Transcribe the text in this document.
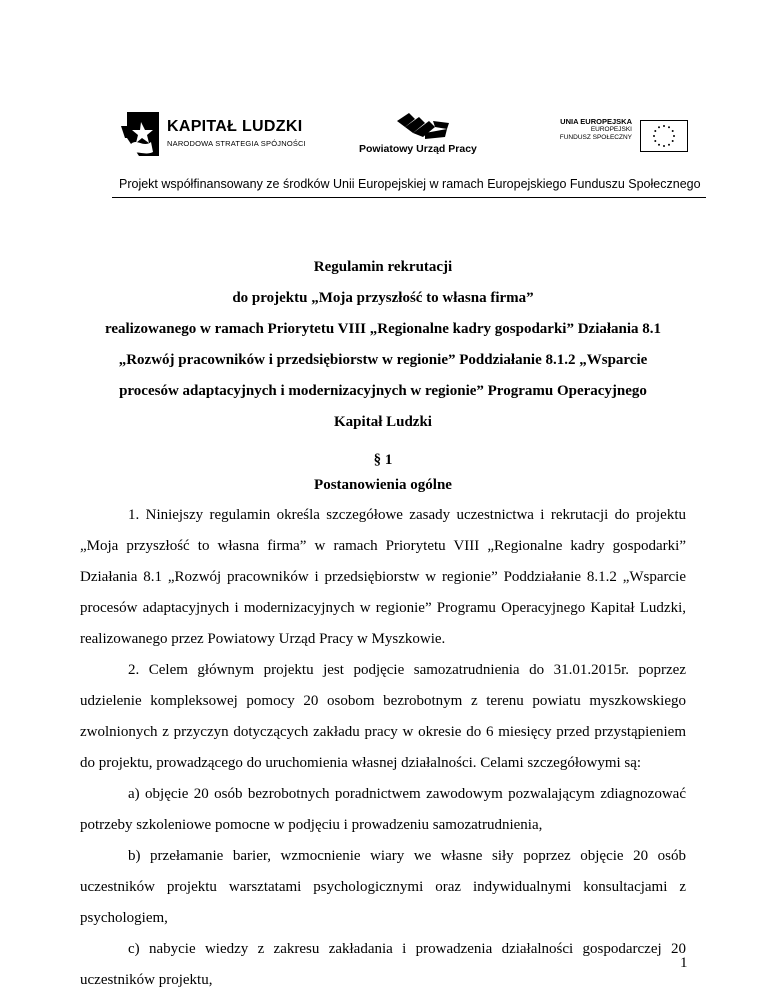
KAPITAŁ LUDZKI
NARODOWA STRATEGIA SPÓJNOŚCI	Powiatowy Urząd Pracy
UNIA EUROPEJSKA
EUROPEJSKI
FUNDUSZ SPOŁECZNY
Projekt współfinansowany ze środków Unii Europejskiej w ramach Europejskiego Funduszu Społecznego
Regulamin rekrutacji
do projektu „Moja przyszłość to własna firma”
realizowanego w ramach Priorytetu VIII „Regionalne kadry gospodarki” Działania 8.1
„Rozwój pracowników i przedsiębiorstw w regionie” Poddziałanie 8.1.2 „Wsparcie
procesów adaptacyjnych i modernizacyjnych w regionie” Programu Operacyjnego
Kapitał Ludzki
§ 1
Postanowienia ogólne

1. Niniejszy regulamin określa szczegółowe zasady uczestnictwa i rekrutacji do projektu „Moja przyszłość to własna firma” w ramach Priorytetu VIII „Regionalne kadry gospodarki” Działania 8.1 „Rozwój pracowników i przedsiębiorstw w regionie” Poddziałanie 8.1.2 „Wsparcie procesów adaptacyjnych i modernizacyjnych w regionie” Programu Operacyjnego Kapitał Ludzki, realizowanego przez Powiatowy Urząd Pracy w Myszkowie.

2. Celem głównym projektu jest podjęcie samozatrudnienia do 31.01.2015r. poprzez udzielenie kompleksowej pomocy 20 osobom bezrobotnym z terenu powiatu myszkowskiego zwolnionych z przyczyn dotyczących zakładu pracy w okresie do 6 miesięcy przed przystąpieniem do projektu, prowadzącego do uruchomienia własnej działalności. Celami szczegółowymi są:

a) objęcie 20 osób bezrobotnych poradnictwem zawodowym pozwalającym zdiagnozować potrzeby szkoleniowe pomocne w podjęciu i prowadzeniu samozatrudnienia,

b) przełamanie barier, wzmocnienie wiary we własne siły poprzez objęcie 20 osób uczestników projektu warsztatami psychologicznymi oraz indywidualnymi konsultacjami z psychologiem,

c) nabycie wiedzy z zakresu zakładania i prowadzenia działalności gospodarczej 20 uczestników projektu,

1
